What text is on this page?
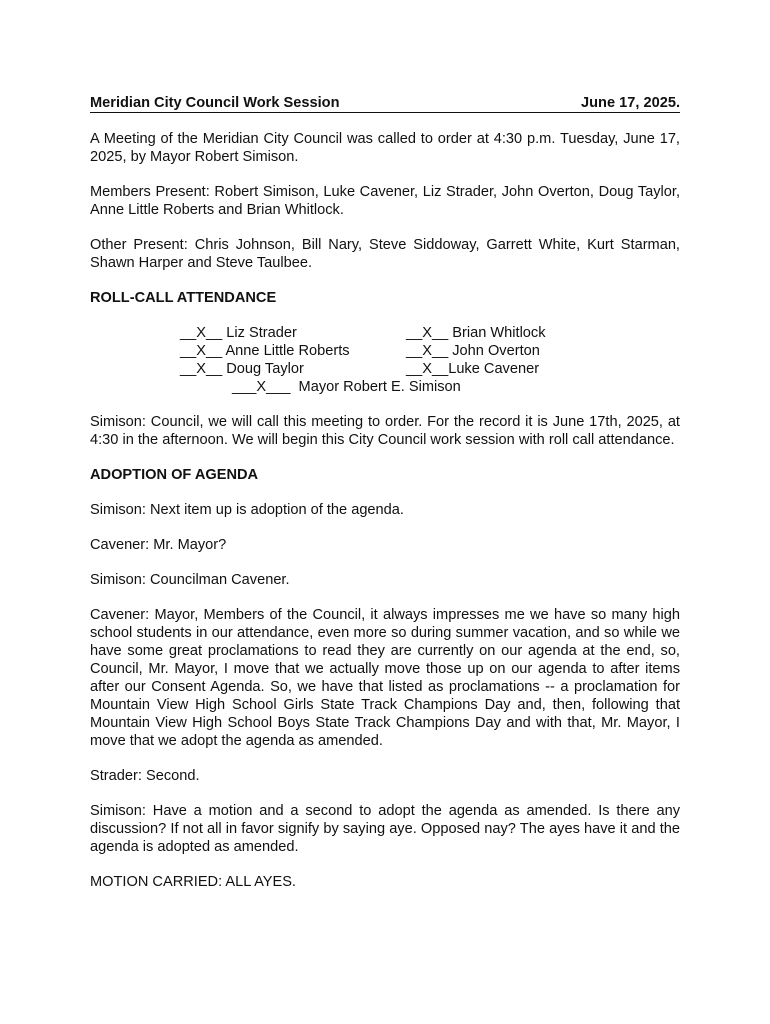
Meridian City Council Work Session	June 17, 2025.

A Meeting of the Meridian City Council was called to order at 4:30 p.m. Tuesday, June 17, 2025, by Mayor Robert Simison.

Members Present: Robert Simison, Luke Cavener, Liz Strader, John Overton, Doug Taylor, Anne Little Roberts and Brian Whitlock.

Other Present: Chris Johnson, Bill Nary, Steve Siddoway, Garrett White, Kurt Starman, Shawn Harper and Steve Taulbee.

ROLL-CALL ATTENDANCE

__X__ Liz Strader
__X__ Anne Little Roberts
__X__ Doug Taylor
__X__ Brian Whitlock
__X__ John Overton
__X__Luke Cavener
___X___  Mayor Robert E. Simison

Simison: Council, we will call this meeting to order. For the record it is June 17th, 2025, at 4:30 in the afternoon. We will begin this City Council work session with roll call attendance.

ADOPTION OF AGENDA

Simison: Next item up is adoption of the agenda.

Cavener: Mr. Mayor?

Simison: Councilman Cavener.

Cavener: Mayor, Members of the Council, it always impresses me we have so many high school students in our attendance, even more so during summer vacation, and so while we have some great proclamations to read they are currently on our agenda at the end, so, Council, Mr. Mayor, I move that we actually move those up on our agenda to after items after our Consent Agenda. So, we have that listed as proclamations -- a proclamation for Mountain View High School Girls State Track Champions Day and, then, following that Mountain View High School Boys State Track Champions Day and with that, Mr. Mayor, I move that we adopt the agenda as amended.

Strader: Second.

Simison: Have a motion and a second to adopt the agenda as amended. Is there any discussion? If not all in favor signify by saying aye. Opposed nay? The ayes have it and the agenda is adopted as amended.

MOTION CARRIED: ALL AYES.
